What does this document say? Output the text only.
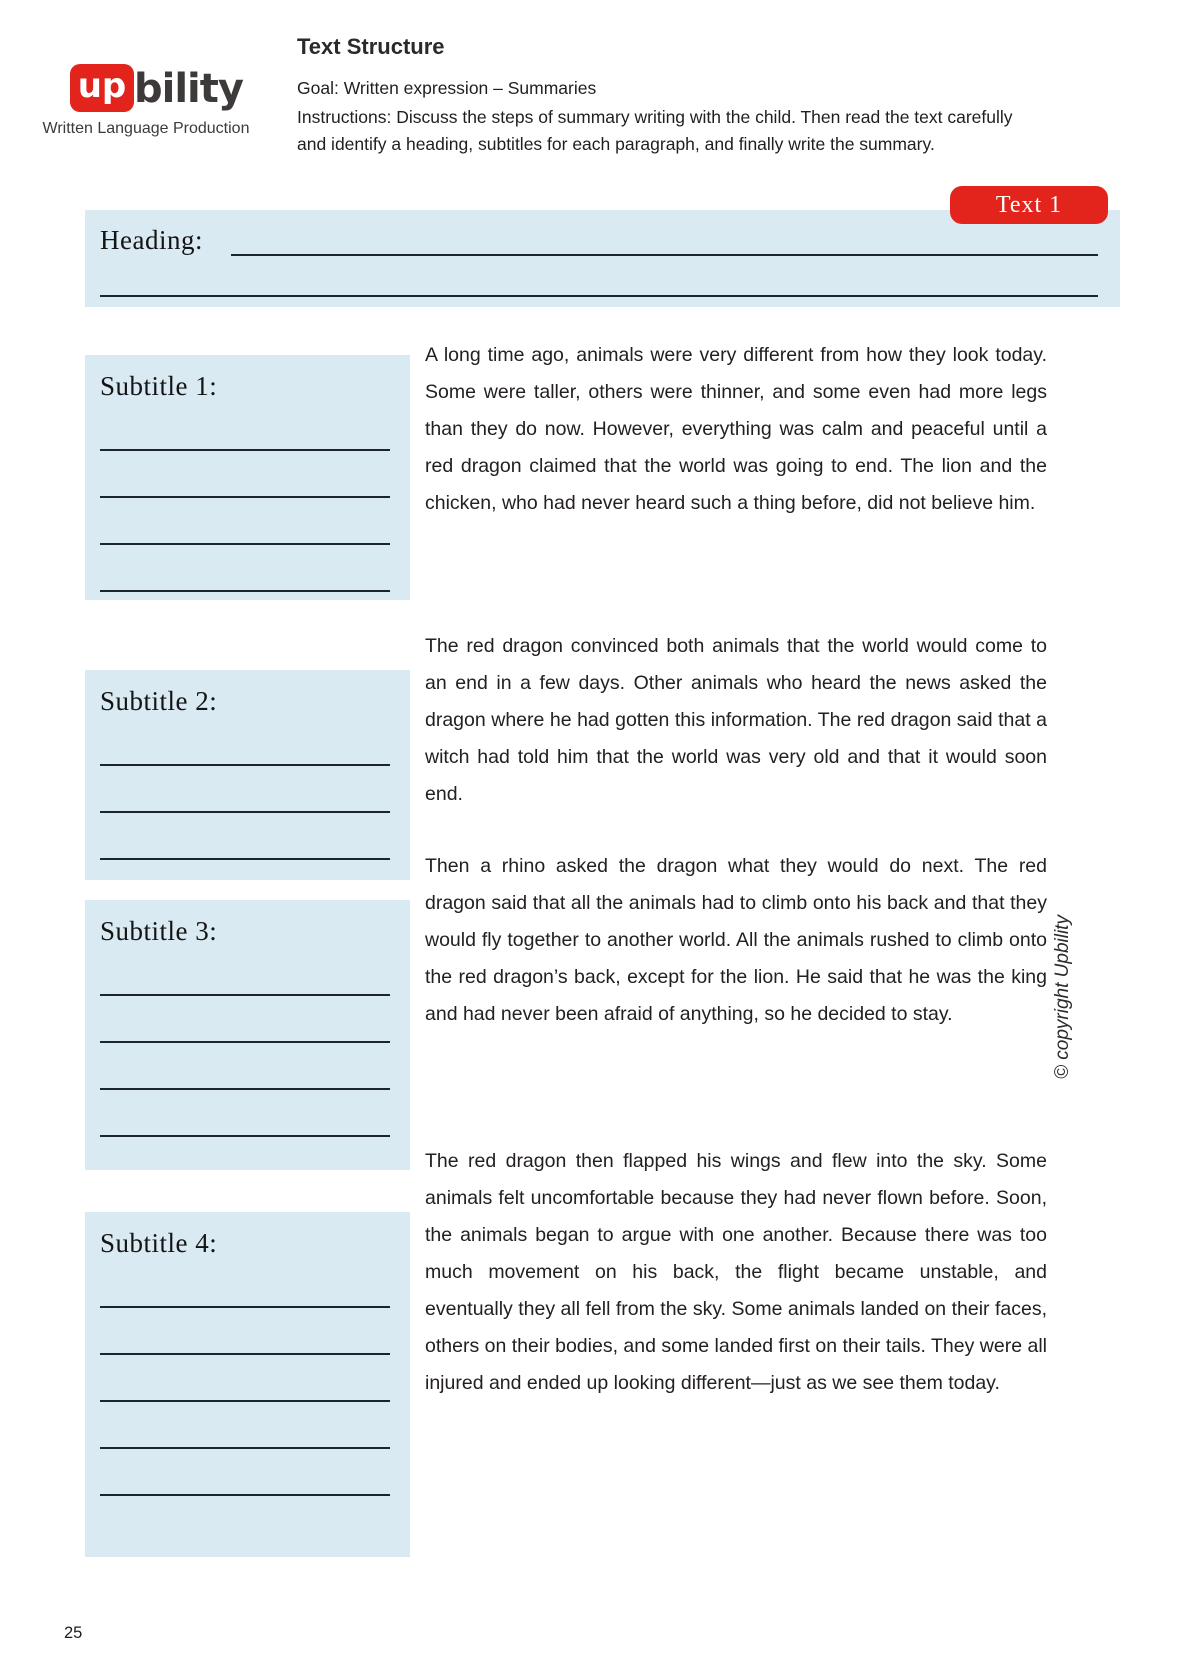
up bility
Written Language Production
Text Structure
Goal: Written expression – Summaries
Instructions: Discuss the steps of summary writing with the child. Then read the text carefully and identify a heading, subtitles for each paragraph, and finally write the summary.
Text 1
Heading:
Subtitle 1:

A long time ago, animals were very different from how they look today. Some were taller, others were thinner, and some even had more legs than they do now. However, everything was calm and peaceful until a red dragon claimed that the world was going to end. The lion and the chicken, who had never heard such a thing before, did not believe him.

Subtitle 2:

The red dragon convinced both animals that the world would come to an end in a few days. Other animals who heard the news asked the dragon where he had gotten this information. The red dragon said that a witch had told him that the world was very old and that it would soon end.

Subtitle 3:

Then a rhino asked the dragon what they would do next. The red dragon said that all the animals had to climb onto his back and that they would fly together to another world. All the animals rushed to climb onto the red dragon’s back, except for the lion. He said that he was the king and had never been afraid of anything, so he decided to stay.

Subtitle 4:

The red dragon then flapped his wings and flew into the sky. Some animals felt uncomfortable because they had never flown before. Soon, the animals began to argue with one another. Because there was too much movement on his back, the flight became unstable, and eventually they all fell from the sky. Some animals landed on their faces, others on their bodies, and some landed first on their tails. They were all injured and ended up looking different—just as we see them today.

© copyright Upbility
25
